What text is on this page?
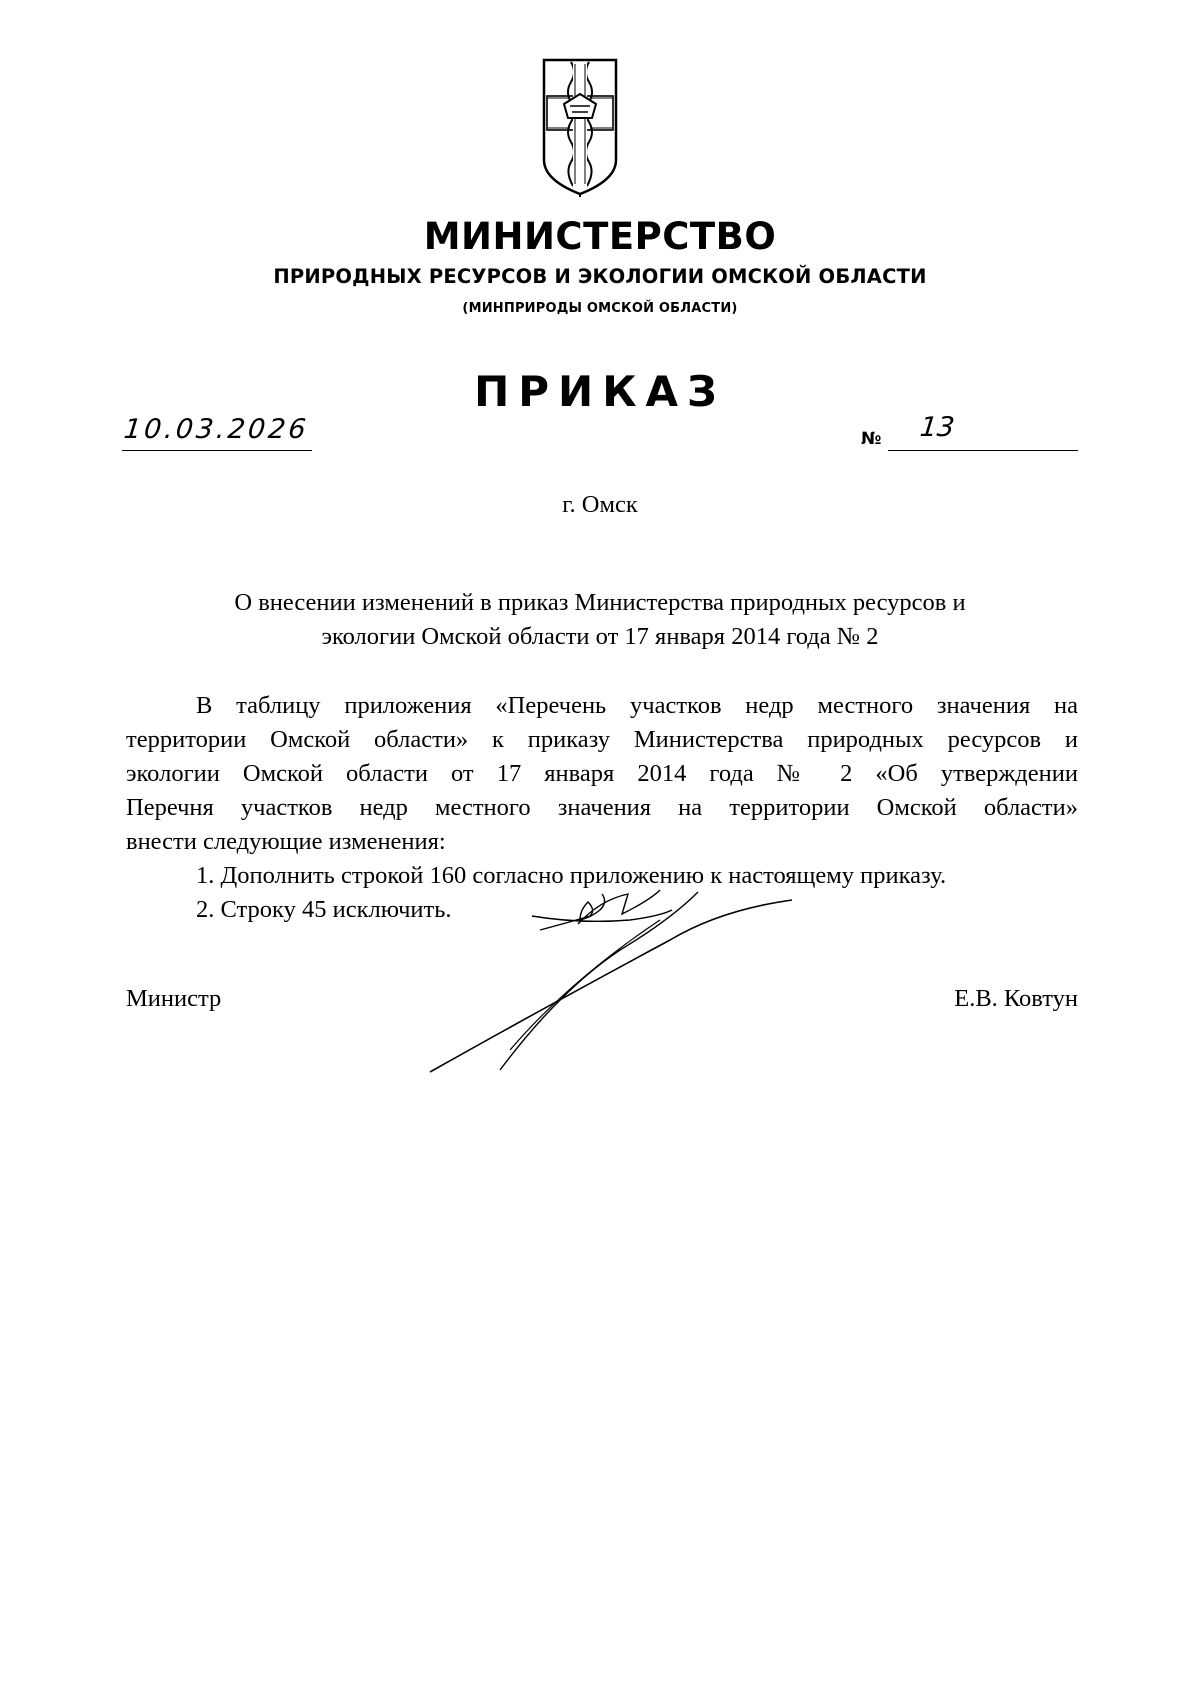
МИНИСТЕРСТВО
ПРИРОДНЫХ РЕСУРСОВ И ЭКОЛОГИИ ОМСКОЙ ОБЛАСТИ
(МИНПРИРОДЫ ОМСКОЙ ОБЛАСТИ)
ПРИКАЗ
10.03.2026	№ 13
г. Омск
О внесении изменений в приказ Министерства природных ресурсов и
экологии Омской области от 17 января 2014 года № 2
В таблицу приложения «Перечень участков недр местного значения на
территории Омской области» к приказу Министерства природных ресурсов и
экологии Омской области от 17 января 2014 года № 2 «Об утверждении
Перечня участков недр местного значения на территории Омской области»
внести следующие изменения:
1. Дополнить строкой 160 согласно приложению к настоящему приказу.
2. Строку 45 исключить.
Министр	Е.В. Ковтун
